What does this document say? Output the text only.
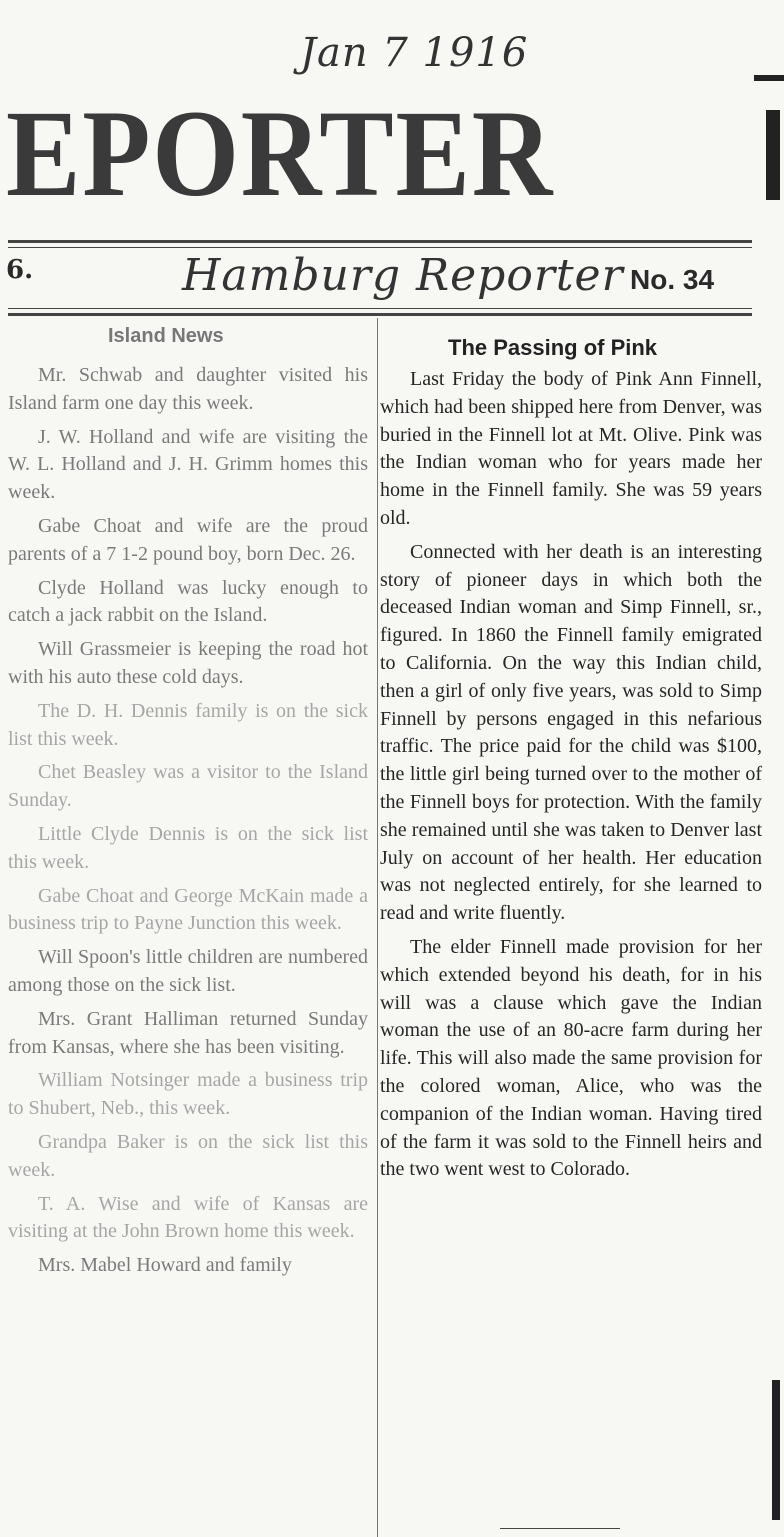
Jan 7 1916
EPORTER
6.	Hamburg Reporter No. 34
Island News

Mr. Schwab and daughter visited his Island farm one day this week.

J. W. Holland and wife are visiting the W. L. Holland and J. H. Grimm homes this week.

Gabe Choat and wife are the proud parents of a 7 1-2 pound boy, born Dec. 26.

Clyde Holland was lucky enough to catch a jack rabbit on the Island.

Will Grassmeier is keeping the road hot with his auto these cold days.

The D. H. Dennis family is on the sick list this week.

Chet Beasley was a visitor to the Island Sunday.

Little Clyde Dennis is on the sick list this week.

Gabe Choat and George McKain made a business trip to Payne Junction this week.

Will Spoon's little children are numbered among those on the sick list.

Mrs. Grant Halliman returned Sunday from Kansas, where she has been visiting.

William Notsinger made a business trip to Shubert, Neb., this week.

Grandpa Baker is on the sick list this week.

T. A. Wise and wife of Kansas are visiting at the John Brown home this week.

Mrs. Mabel Howard and family

The Passing of Pink

Last Friday the body of Pink Ann Finnell, which had been shipped here from Denver, was buried in the Finnell lot at Mt. Olive. Pink was the Indian woman who for years made her home in the Finnell family. She was 59 years old.

Connected with her death is an interesting story of pioneer days in which both the deceased Indian woman and Simp Finnell, sr., figured. In 1860 the Finnell family emigrated to California. On the way this Indian child, then a girl of only five years, was sold to Simp Finnell by persons engaged in this nefarious traffic. The price paid for the child was $100, the little girl being turned over to the mother of the Finnell boys for protection. With the family she remained until she was taken to Denver last July on account of her health. Her education was not neglected entirely, for she learned to read and write fluently.

The elder Finnell made provision for her which extended beyond his death, for in his will was a clause which gave the Indian woman the use of an 80-acre farm during her life. This will also made the same provision for the colored woman, Alice, who was the companion of the Indian woman. Having tired of the farm it was sold to the Finnell heirs and the two went west to Colorado.
